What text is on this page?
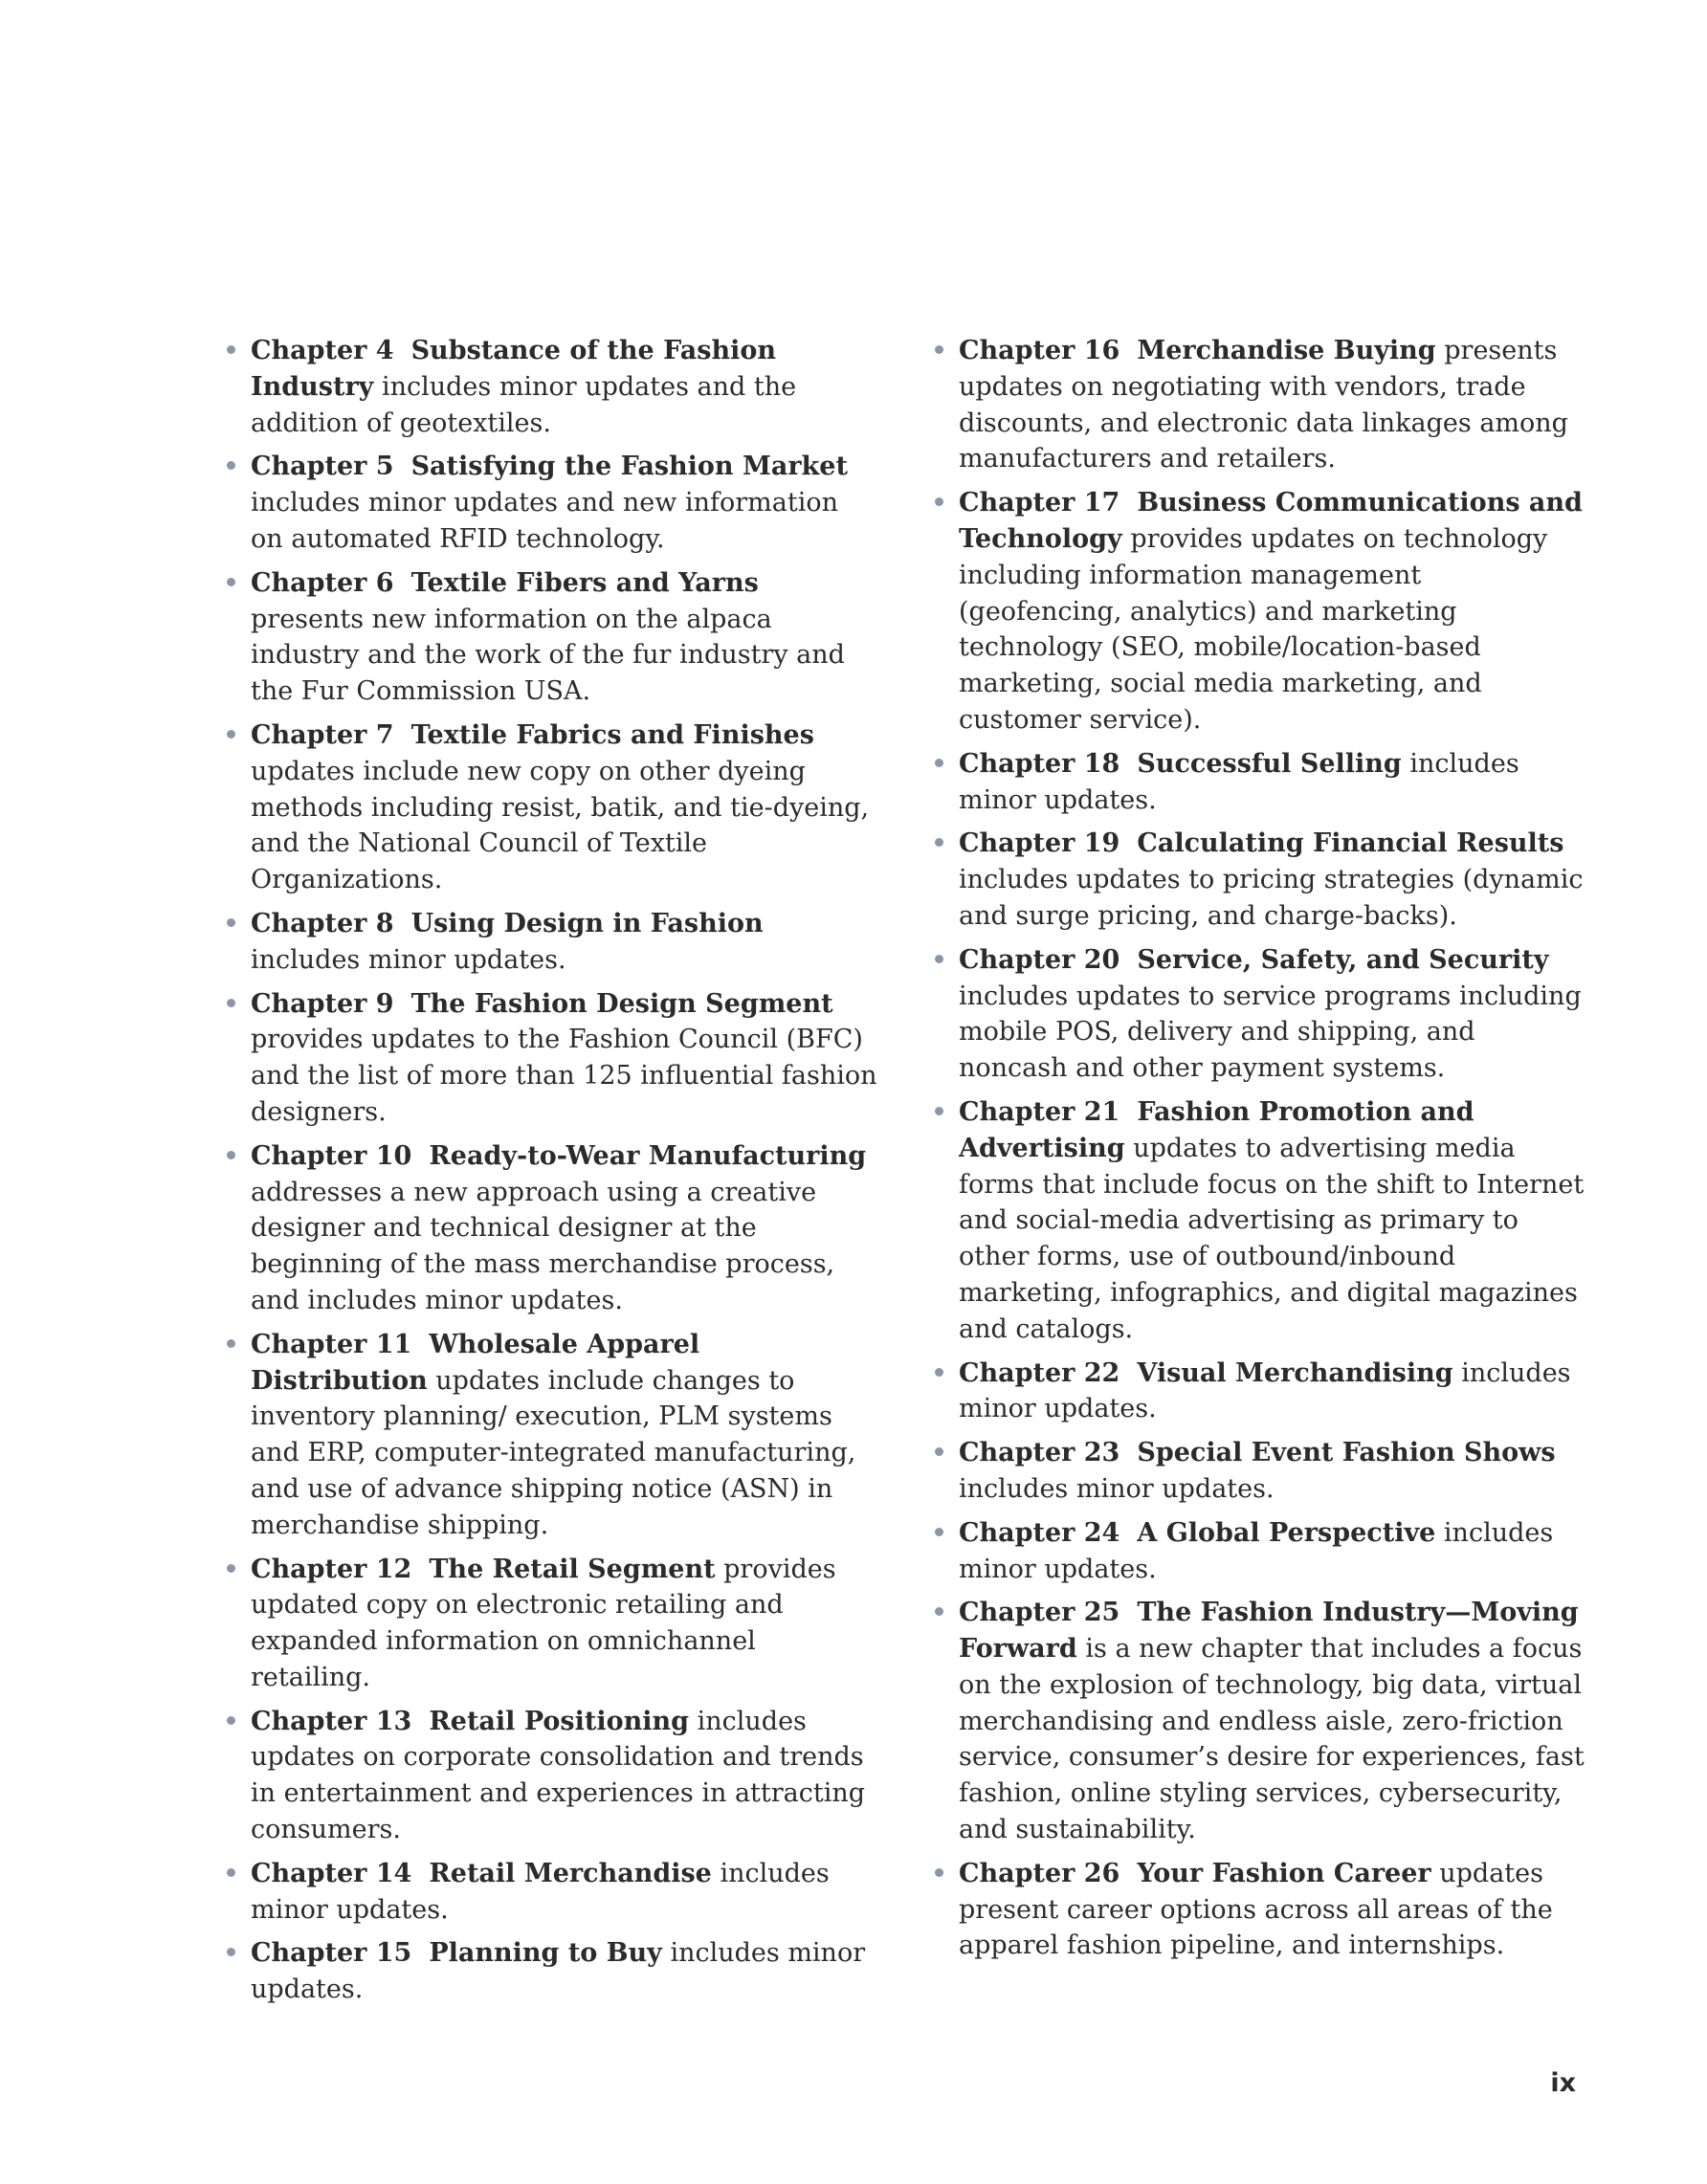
Chapter 4 Substance of the Fashion Industry includes minor updates and the addition of geotextiles.
Chapter 5 Satisfying the Fashion Marketincludes minor updates and new information on automated RFID technology.
Chapter 6 Textile Fibers and Yarnspresents new information on the alpaca industry and the work of the fur industry and the Fur Commission USA.
Chapter 7 Textile Fabrics and Finishesupdates include new copy on other dyeing methods including resist, batik, and tie-dyeing, and the National Council of Textile Organizations.
Chapter 8 Using Design in Fashionincludes minor updates.
Chapter 9 The Fashion Design Segmentprovides updates to the Fashion Council (BFC) and the list of more than 125 influential fashion designers.
Chapter 10 Ready-to-Wear Manufacturingaddresses a new approach using a creative designer and technical designer at the beginning of the mass merchandise process, and includes minor updates.
Chapter 11 Wholesale Apparel Distribution updates include changes to inventory planning/ execution, PLM systems and ERP, computer-integrated manufacturing, and use of advance shipping notice (ASN) in merchandise shipping.
Chapter 12 The Retail Segment provides updated copy on electronic retailing and expanded information on omnichannel retailing.
Chapter 13 Retail Positioning includes updates on corporate consolidation and trends in entertainment and experiences in attracting consumers.
Chapter 14 Retail Merchandise includes minor updates.
Chapter 15 Planning to Buy includes minor updates.
Chapter 16 Merchandise Buying presents updates on negotiating with vendors, trade discounts, and electronic data linkages among manufacturers and retailers.
Chapter 17 Business Communications and Technology provides updates on technology including information management (geofencing, analytics) and marketing technology (SEO, mobile/location-based marketing, social media marketing, and customer service).
Chapter 18 Successful Selling includes minor updates.
Chapter 19 Calculating Financial Resultsincludes updates to pricing strategies (dynamic and surge pricing, and charge-backs).
Chapter 20 Service, Safety, and Securityincludes updates to service programs including mobile POS, delivery and shipping, and noncash and other payment systems.
Chapter 21 Fashion Promotion and Advertising updates to advertising media forms that include focus on the shift to Internet and social-media advertising as primary to other forms, use of outbound/inbound marketing, infographics, and digital magazines and catalogs.
Chapter 22 Visual Merchandising includes minor updates.
Chapter 23 Special Event Fashion Showsincludes minor updates.
Chapter 24 A Global Perspective includes minor updates.
Chapter 25 The Fashion Industry—Moving Forward is a new chapter that includes a focus on the explosion of technology, big data, virtual merchandising and endless aisle, zero-friction service, consumer’s desire for experiences, fast fashion, online styling services, cybersecurity, and sustainability.
Chapter 26 Your Fashion Career updates present career options across all areas of the apparel fashion pipeline, and internships.
ix
